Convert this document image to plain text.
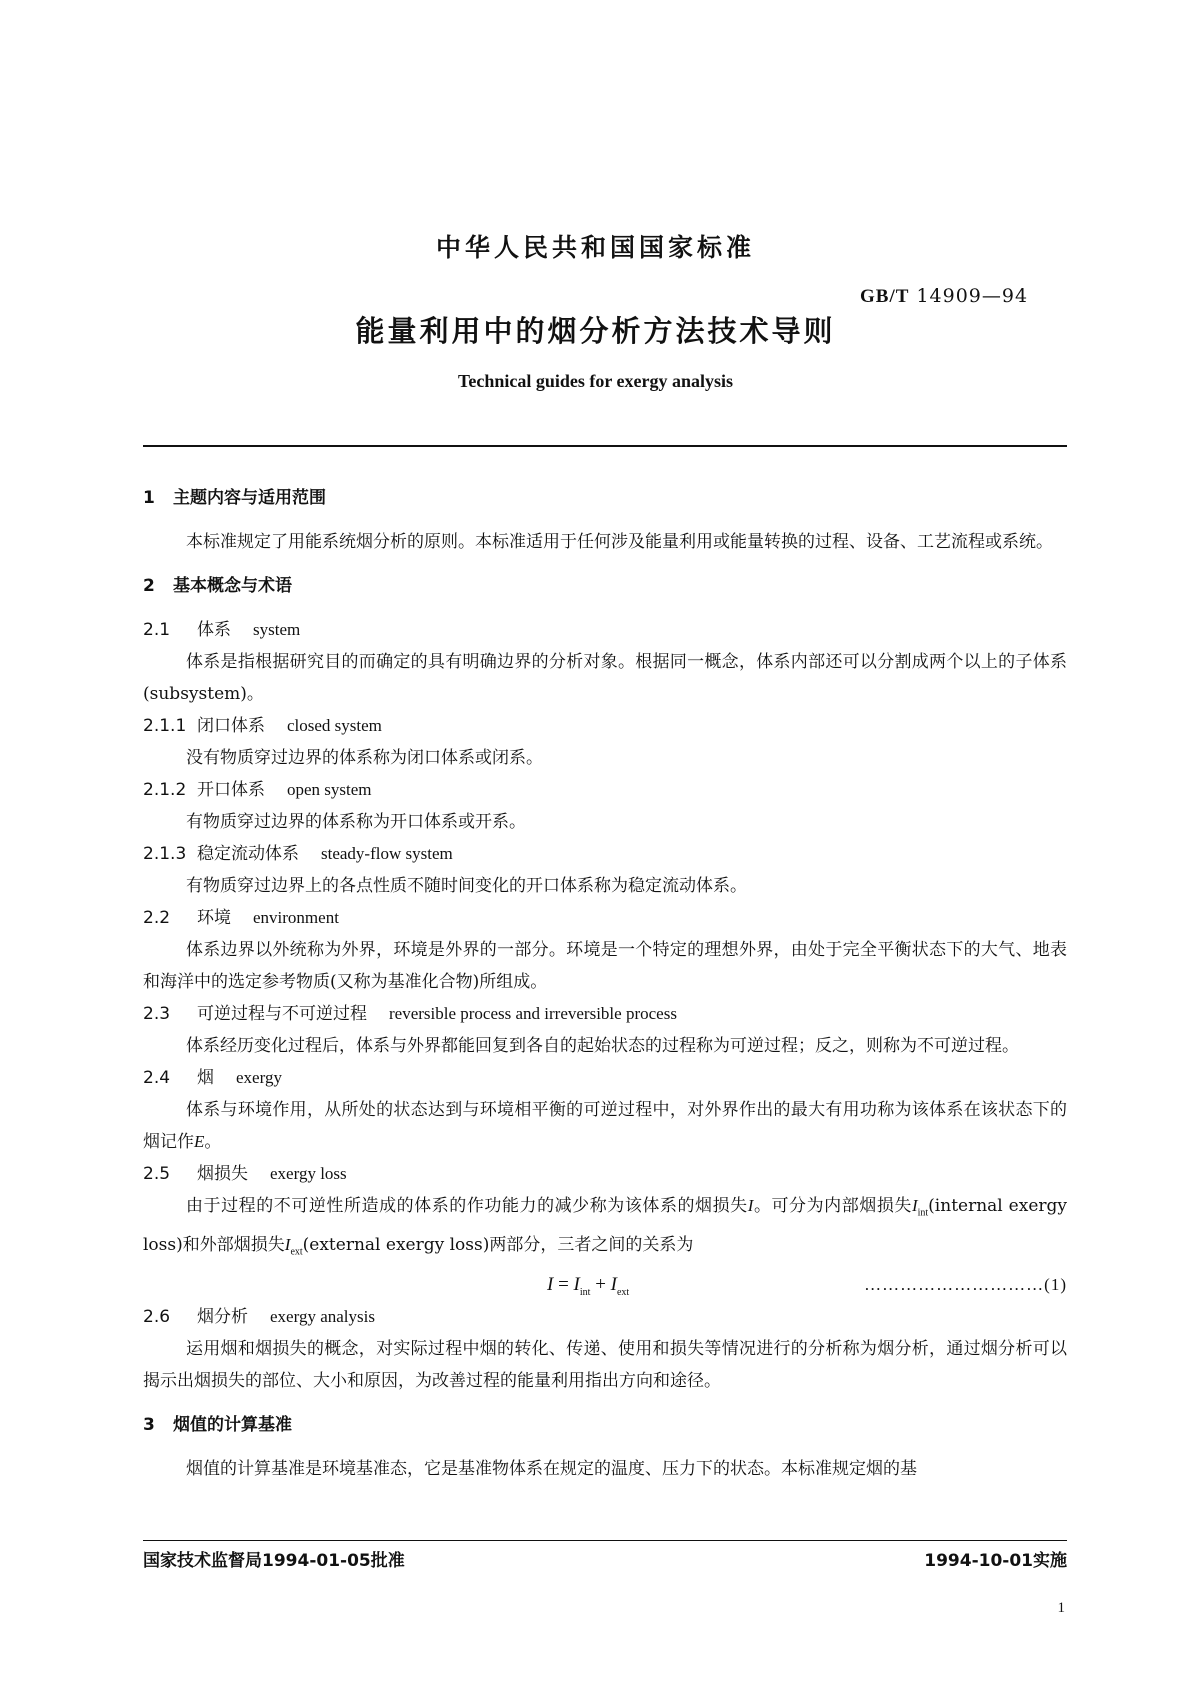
中华人民共和国国家标准
GB/T 14909—94
能量利用中的烟分析方法技术导则
Technical guides for exergy analysis
1 主题内容与适用范围

本标准规定了用能系统烟分析的原则。本标准适用于任何涉及能量利用或能量转换的过程、设备、工艺流程或系统。

2 基本概念与术语
2.1 体系 system

体系是指根据研究目的而确定的具有明确边界的分析对象。根据同一概念，体系内部还可以分割成两个以上的子体系(subsystem)。

2.1.1 闭口体系 closed system

没有物质穿过边界的体系称为闭口体系或闭系。

2.1.2 开口体系 open system

有物质穿过边界的体系称为开口体系或开系。

2.1.3 稳定流动体系 steady-flow system

有物质穿过边界上的各点性质不随时间变化的开口体系称为稳定流动体系。

2.2 环境 environment

体系边界以外统称为外界，环境是外界的一部分。环境是一个特定的理想外界，由处于完全平衡状态下的大气、地表和海洋中的选定参考物质(又称为基准化合物)所组成。

2.3 可逆过程与不可逆过程 reversible process and irreversible process

体系经历变化过程后，体系与外界都能回复到各自的起始状态的过程称为可逆过程；反之，则称为不可逆过程。

2.4 烟 exergy

体系与环境作用，从所处的状态达到与环境相平衡的可逆过程中，对外界作出的最大有用功称为该体系在该状态下的烟记作E。

2.5 烟损失 exergy loss

由于过程的不可逆性所造成的体系的作功能力的减少称为该体系的烟损失I。可分为内部烟损失$I_{int}(internal$ exergy loss)和外部烟损失$I_{ext}(external$ exergy loss)两部分，三者之间的关系为

$I = I_{int} + I_{ext}$	…………………………(1)
2.6 烟分析 exergy analysis

运用烟和烟损失的概念，对实际过程中烟的转化、传递、使用和损失等情况进行的分析称为烟分析，通过烟分析可以揭示出烟损失的部位、大小和原因，为改善过程的能量利用指出方向和途径。

3 烟值的计算基准

烟值的计算基准是环境基准态，它是基准物体系在规定的温度、压力下的状态。本标准规定烟的基

国家技术监督局1994-01-05批准	1994-10-01实施
1
